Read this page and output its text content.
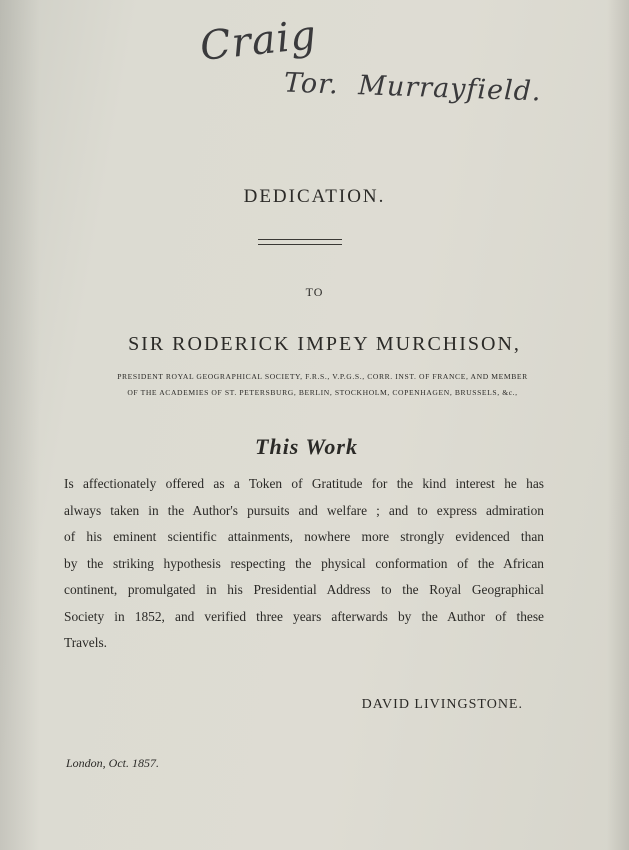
Craig
Tor. Murrayfield.
DEDICATION.
TO
SIR RODERICK IMPEY MURCHISON,
PRESIDENT ROYAL GEOGRAPHICAL SOCIETY, F.R.S., V.P.G.S., CORR. INST. OF FRANCE, AND MEMBER
OF THE ACADEMIES OF ST. PETERSBURG, BERLIN, STOCKHOLM, COPENHAGEN, BRUSSELS, &c.,
This Work
Is affectionately offered as a Token of Gratitude for the kind interest he has
always taken in the Author's pursuits and welfare ; and to express admiration
of his eminent scientific attainments, nowhere more strongly evidenced than
by the striking hypothesis respecting the physical conformation of the African
continent, promulgated in his Presidential Address to the Royal Geographical
Society in 1852, and verified three years afterwards by the Author of these
Travels.
DAVID LIVINGSTONE.
London, Oct. 1857.
